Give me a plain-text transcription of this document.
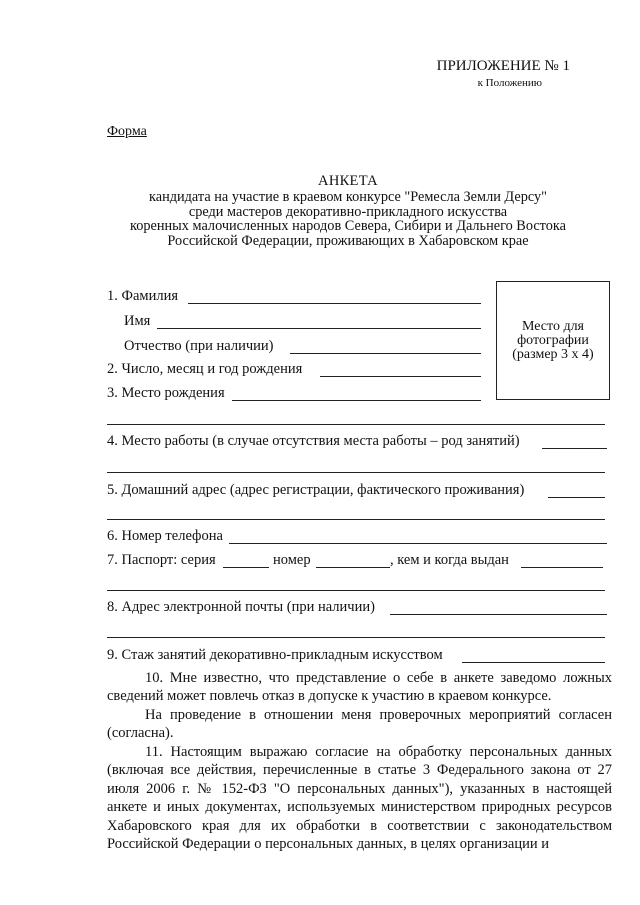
ПРИЛОЖЕНИЕ № 1
к Положению
Форма
АНКЕТА
кандидата на участие в краевом конкурсе "Ремесла Земли Дерсу"
среди мастеров декоративно-прикладного искусства
коренных малочисленных народов Севера, Сибири и Дальнего Востока
Российской Федерации, проживающих в Хабаровском крае
Место для
фотографии
(размер 3 х 4)
1. Фамилия
Имя
Отчество (при наличии)
2. Число, месяц и год рождения
3. Место рождения
4. Место работы (в случае отсутствия места работы – род занятий)
5. Домашний адрес (адрес регистрации, фактического проживания)
6. Номер телефона
7. Паспорт: серия	номер	, кем и когда выдан
8. Адрес электронной почты (при наличии)
9. Стаж занятий декоративно-прикладным искусством
10. Мне известно, что представление о себе в анкете заведомо ложных сведений может повлечь отказ в допуске к участию в краевом конкурсе.
На проведение в отношении меня проверочных мероприятий согласен (согласна).
11. Настоящим выражаю согласие на обработку персональных данных (включая все действия, перечисленные в статье 3 Федерального закона от 27 июля 2006 г. № 152-ФЗ "О персональных данных"), указанных в настоящей анкете и иных документах, используемых министерством природных ресурсов Хабаровского края для их обработки в соответствии с законодательством Российской Федерации о персональных данных, в целях организации и
